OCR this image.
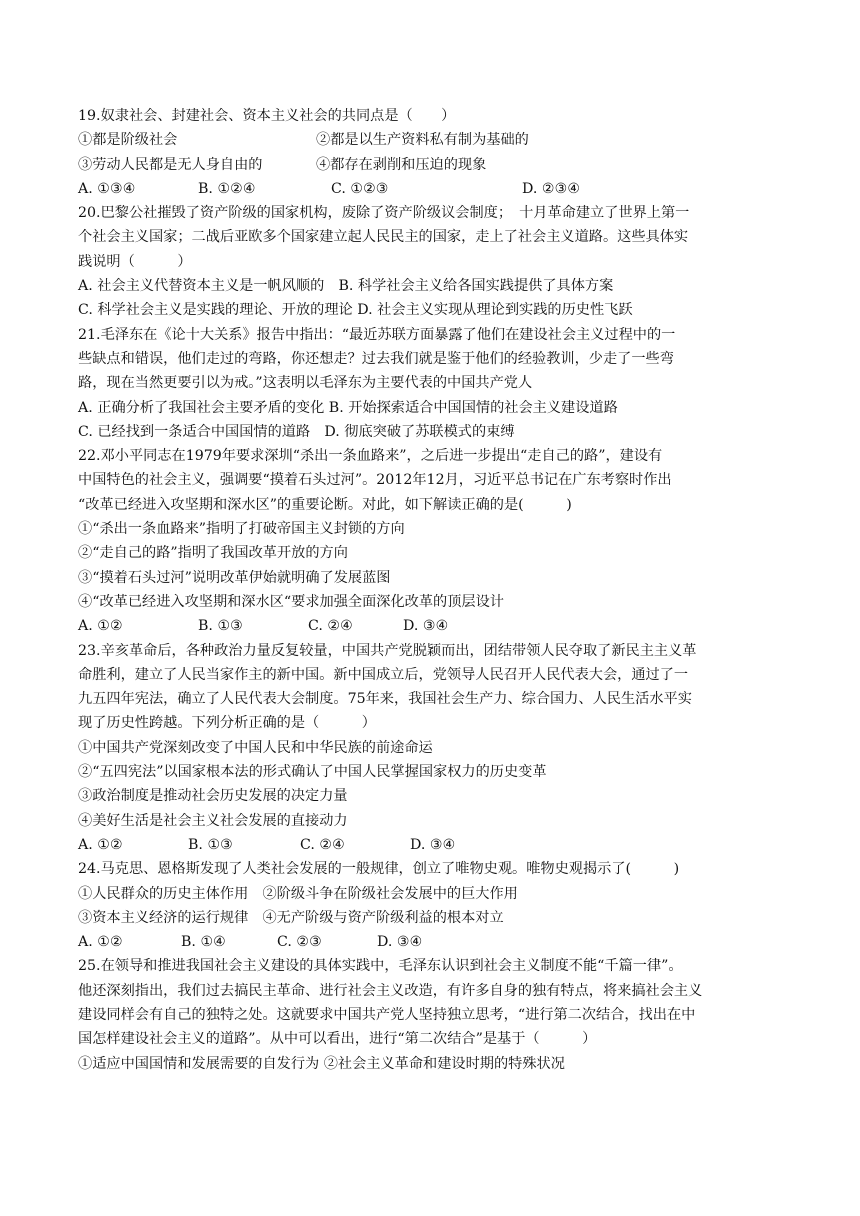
19.奴隶社会、封建社会、资本主义社会的共同点是（　　）
①都是阶级社会	②都是以生产资料私有制为基础的
③劳动人民都是无人身自由的	④都存在剥削和压迫的现象
A. ①③④	B. ①②④	C. ①②③	D. ②③④
20.巴黎公社摧毁了资产阶级的国家机构，废除了资产阶级议会制度；　十月革命建立了世界上第一
个社会主义国家；二战后亚欧多个国家建立起人民民主的国家，走上了社会主义道路。这些具体实
践说明（　　　）
A. 社会主义代替资本主义是一帆风顺的　B. 科学社会主义给各国实践提供了具体方案
C. 科学社会主义是实践的理论、开放的理论 D. 社会主义实现从理论到实践的历史性飞跃
21.毛泽东在《论十大关系》报告中指出：“最近苏联方面暴露了他们在建设社会主义过程中的一
些缺点和错误，他们走过的弯路，你还想走？过去我们就是鉴于他们的经验教训，少走了一些弯
路，现在当然更要引以为戒。”这表明以毛泽东为主要代表的中国共产党人
A. 正确分析了我国社会主要矛盾的变化 B. 开始探索适合中国国情的社会主义建设道路
C. 已经找到一条适合中国国情的道路　D. 彻底突破了苏联模式的束缚
22.邓小平同志在1979年要求深圳“杀出一条血路来”，之后进一步提出“走自己的路”，建设有
中国特色的社会主义，强调要“摸着石头过河”。2012年12月，习近平总书记在广东考察时作出
“改革已经进入攻坚期和深水区”的重要论断。对此，如下解读正确的是(　　　)
①“杀出一条血路来”指明了打破帝国主义封锁的方向
②“走自己的路”指明了我国改革开放的方向
③“摸着石头过河”说明改革伊始就明确了发展蓝图
④“改革已经进入攻坚期和深水区“要求加强全面深化改革的顶层设计
A. ①②	B. ①③	C. ②④	D. ③④
23.辛亥革命后，各种政治力量反复较量，中国共产党脱颖而出，团结带领人民夺取了新民主主义革
命胜利，建立了人民当家作主的新中国。新中国成立后，党领导人民召开人民代表大会，通过了一
九五四年宪法，确立了人民代表大会制度。75年来，我国社会生产力、综合国力、人民生活水平实
现了历史性跨越。下列分析正确的是（　　　）
①中国共产党深刻改变了中国人民和中华民族的前途命运
②“五四宪法”以国家根本法的形式确认了中国人民掌握国家权力的历史变革
③政治制度是推动社会历史发展的决定力量
④美好生活是社会主义社会发展的直接动力
A. ①②	B. ①③	C. ②④	D. ③④
24.马克思、恩格斯发现了人类社会发展的一般规律，创立了唯物史观。唯物史观揭示了(　　　)
①人民群众的历史主体作用　②阶级斗争在阶级社会发展中的巨大作用
③资本主义经济的运行规律　④无产阶级与资产阶级利益的根本对立
A. ①②	B. ①④	C. ②③	D. ③④
25.在领导和推进我国社会主义建设的具体实践中，毛泽东认识到社会主义制度不能“千篇一律”。
他还深刻指出，我们过去搞民主革命、进行社会主义改造，有许多自身的独有特点，将来搞社会主义
建设同样会有自己的独特之处。这就要求中国共产党人坚持独立思考，“进行第二次结合，找出在中
国怎样建设社会主义的道路”。从中可以看出，进行“第二次结合”是基于（　　　）
①适应中国国情和发展需要的自发行为 ②社会主义革命和建设时期的特殊状况
